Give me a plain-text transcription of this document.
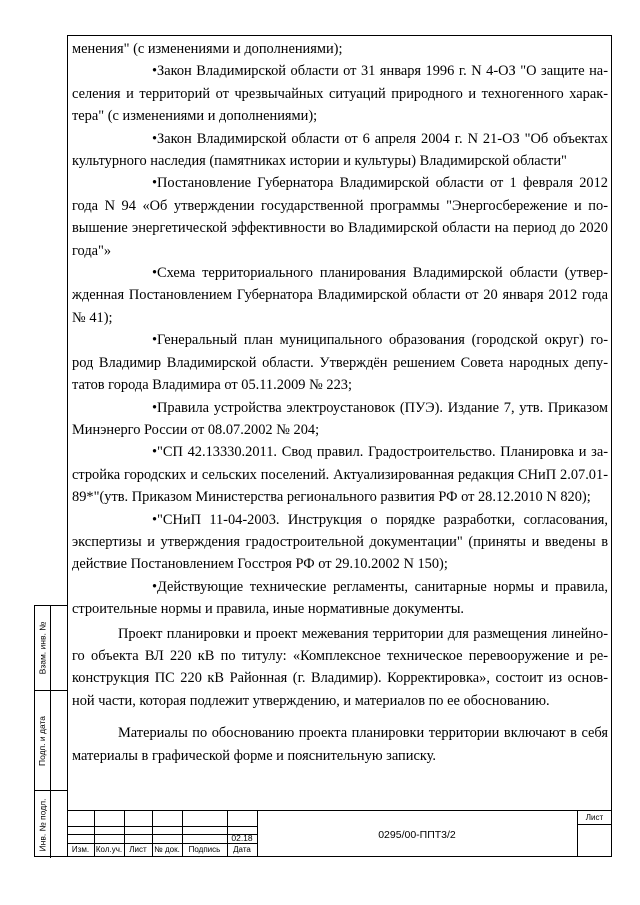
менения" (с изменениями и дополнениями);

•Закон Владимирской области от 31 января 1996 г. N 4-ОЗ "О защите на-селения и территорий от чрезвычайных ситуаций природного и техногенного харак-тера" (с изменениями и дополнениями);

•Закон Владимирской области от 6 апреля 2004 г. N 21-ОЗ "Об объектах культурного наследия (памятниках истории и культуры) Владимирской области"

•Постановление Губернатора Владимирской области от 1 февраля 2012 года N 94 «Об утверждении государственной программы "Энергосбережение и по-вышение энергетической эффективности во Владимирской области на период до 2020 года"»

•Схема территориального планирования Владимирской области (утвер-жденная Постановлением Губернатора Владимирской области от 20 января 2012 года № 41);

•Генеральный план муниципального образования (городской округ) го-род Владимир Владимирской области. Утверждён решением Совета народных депу-татов города Владимира от 05.11.2009 № 223;

•Правила устройства электроустановок (ПУЭ). Издание 7, утв. Приказом Минэнерго России от 08.07.2002 № 204;

•"СП 42.13330.2011. Свод правил. Градостроительство. Планировка и за-стройка городских и сельских поселений. Актуализированная редакция СНиП 2.07.01-89*"(утв. Приказом Министерства регионального развития РФ от 28.12.2010 N 820);

•"СНиП 11-04-2003. Инструкция о порядке разработки, согласования, экспертизы и утверждения градостроительной документации" (приняты и введены в действие Постановлением Госстроя РФ от 29.10.2002 N 150);

•Действующие технические регламенты, санитарные нормы и правила, строительные нормы и правила, иные нормативные документы.

Проект планировки и проект межевания территории для размещения линейно-го объекта ВЛ 220 кВ по титулу: «Комплексное техническое перевооружение и ре-конструкция ПС 220 кВ Районная (г. Владимир). Корректировка», состоит из основ-ной части, которая подлежит утверждению, и материалов по ее обоснованию.

Материалы по обоснованию проекта планировки территории включают в себя материалы в графической форме и пояснительную записку.

Взам. инв. №
Подп. и дата
Инв. № подл.	02.18
Изм. Кол.уч. Лист № док.	Подпись	Дата
0295/00-ППТ3/2
Лист
